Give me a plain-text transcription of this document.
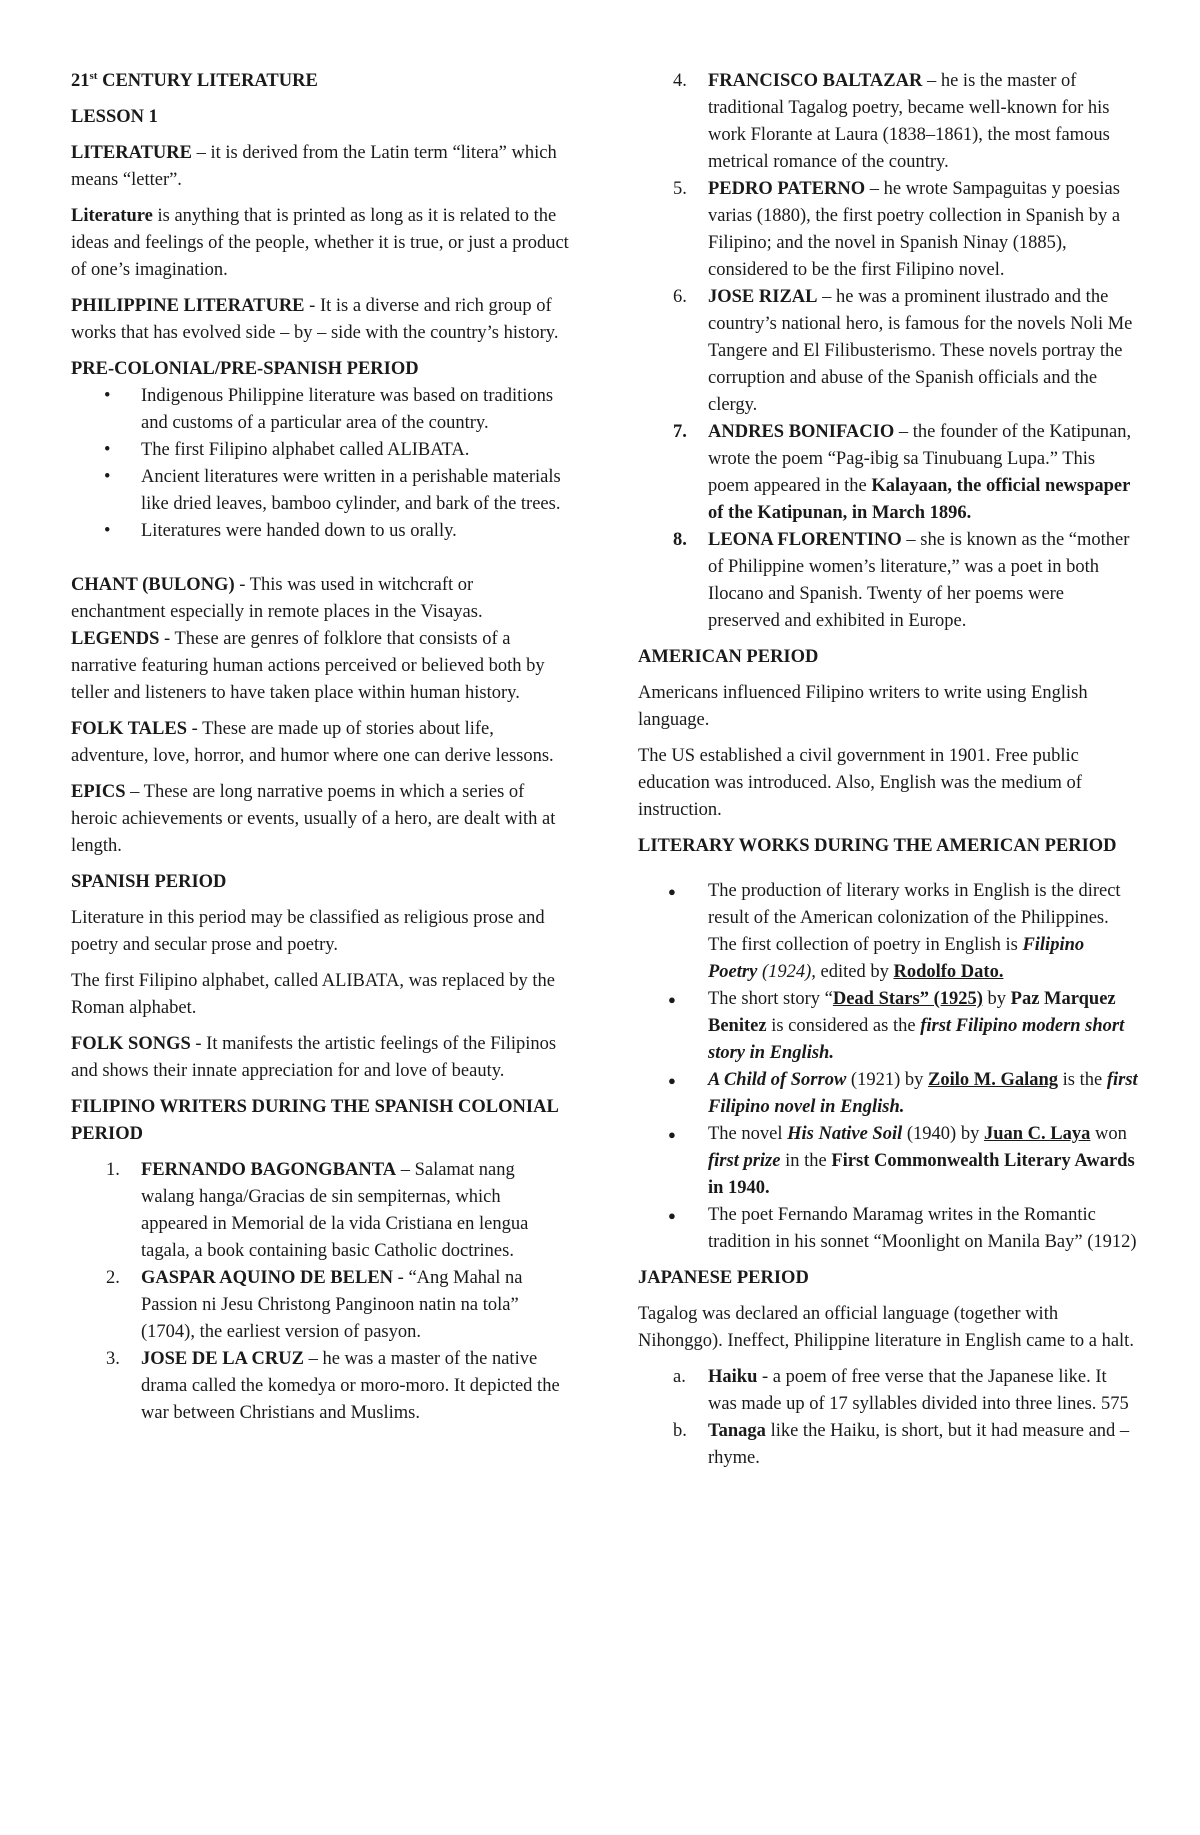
21st CENTURY LITERATURE
LESSON 1

LITERATURE – it is derived from the Latin term “litera” which means “letter”.

Literature is anything that is printed as long as it is related to the ideas and feelings of the people, whether it is true, or just a product of one’s imagination.

PHILIPPINE LITERATURE - It is a diverse and rich group of works that has evolved side – by – side with the country’s history.

PRE-COLONIAL/PRE-SPANISH PERIOD
• Indigenous Philippine literature was based on traditions and customs of a particular area of the country.
• The first Filipino alphabet called ALIBATA.
• Ancient literatures were written in a perishable materials like dried leaves, bamboo cylinder, and bark of the trees.
• Literatures were handed down to us orally.

CHANT (BULONG) - This was used in witchcraft or enchantment especially in remote places in the Visayas.

LEGENDS - These are genres of folklore that consists of a narrative featuring human actions perceived or believed both by teller and listeners to have taken place within human history.

FOLK TALES - These are made up of stories about life, adventure, love, horror, and humor where one can derive lessons.

EPICS – These are long narrative poems in which a series of heroic achievements or events, usually of a hero, are dealt with at length.

SPANISH PERIOD

Literature in this period may be classified as religious prose and poetry and secular prose and poetry.

The first Filipino alphabet, called ALIBATA, was replaced by the Roman alphabet.

FOLK SONGS - It manifests the artistic feelings of the Filipinos and shows their innate appreciation for and love of beauty.

FILIPINO WRITERS DURING THE SPANISH COLONIAL PERIOD
1. FERNANDO BAGONGBANTA – Salamat nang walang hanga/Gracias de sin sempiternas, which appeared in Memorial de la vida Cristiana en lengua tagala, a book containing basic Catholic doctrines.
2. GASPAR AQUINO DE BELEN - “Ang Mahal na Passion ni Jesu Christong Panginoon natin na tola” (1704), the earliest version of pasyon.
3. JOSE DE LA CRUZ – he was a master of the native drama called the komedya or moro-moro. It depicted the war between Christians and Muslims.
4. FRANCISCO BALTAZAR – he is the master of traditional Tagalog poetry, became well-known for his work Florante at Laura (1838–1861), the most famous metrical romance of the country.
5. PEDRO PATERNO – he wrote Sampaguitas y poesias varias (1880), the first poetry collection in Spanish by a Filipino; and the novel in Spanish Ninay (1885), considered to be the first Filipino novel.
6. JOSE RIZAL – he was a prominent ilustrado and the country’s national hero, is famous for the novels Noli Me Tangere and El Filibusterismo. These novels portray the corruption and abuse of the Spanish officials and the clergy.
7. ANDRES BONIFACIO – the founder of the Katipunan, wrote the poem “Pag-ibig sa Tinubuang Lupa.” This poem appeared in the Kalayaan, the official newspaper of the Katipunan, in March 1896.
8. LEONA FLORENTINO – she is known as the “mother of Philippine women’s literature,” was a poet in both Ilocano and Spanish. Twenty of her poems were preserved and exhibited in Europe.
AMERICAN PERIOD

Americans influenced Filipino writers to write using English language.

The US established a civil government in 1901. Free public education was introduced. Also, English was the medium of instruction.

LITERARY WORKS DURING THE AMERICAN PERIOD
● The production of literary works in English is the direct result of the American colonization of the Philippines. The first collection of poetry in English is Filipino Poetry (1924), edited by Rodolfo Dato.
● The short story “Dead Stars” (1925) by Paz Marquez Benitez is considered as the first Filipino modern short story in English.
● A Child of Sorrow (1921) by Zoilo M. Galang is the first Filipino novel in English.
● The novel His Native Soil (1940) by Juan C. Laya won first prize in the First Commonwealth Literary Awards in 1940.
● The poet Fernando Maramag writes in the Romantic tradition in his sonnet “Moonlight on Manila Bay” (1912)
JAPANESE PERIOD

Tagalog was declared an official language (together with Nihonggo). Ineffect, Philippine literature in English came to a halt.

a. Haiku - a poem of free verse that the Japanese like. It was made up of 17 syllables divided into three lines. 575
b. Tanaga like the Haiku, is short, but it had measure and – rhyme.
